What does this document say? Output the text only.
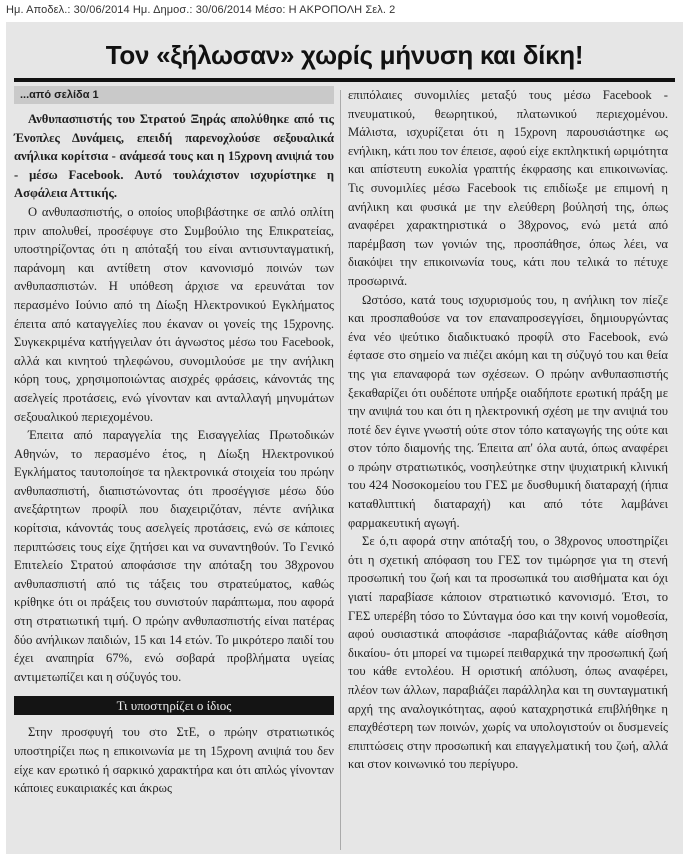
Ημ. Αποδελ.: 30/06/2014 Ημ. Δημοσ.: 30/06/2014 Μέσο: Η ΑΚΡΟΠΟΛΗ Σελ. 2
Τον «ξήλωσαν» χωρίς μήνυση και δίκη!
...από σελίδα 1

Ανθυπασπιστής του Στρατού Ξηράς απολύθηκε από τις Ένοπλες Δυνάμεις, επειδή παρενοχλούσε σεξουαλικά ανήλικα κορίτσια - ανάμεσά τους και η 15χρονη ανιψιά του - μέσω Facebook. Αυτό τουλάχιστον ισχυρίστηκε η Ασφάλεια Αττικής.

Ο ανθυπασπιστής, ο οποίος υποβιβάστηκε σε απλό οπλίτη πριν απολυθεί, προσέφυγε στο Συμβούλιο της Επικρατείας, υποστηρίζοντας ότι η απόταξή του είναι αντισυνταγματική, παράνομη και αντίθετη στον κανονισμό ποινών των ανθυπασπιστών. Η υπόθεση άρχισε να ερευνάται τον περασμένο Ιούνιο από τη Δίωξη Ηλεκτρονικού Εγκλήματος έπειτα από καταγγελίες που έκαναν οι γονείς της 15χρονης. Συγκεκριμένα κατήγγειλαν ότι άγνωστος μέσω του Facebook, αλλά και κινητού τηλεφώνου, συνομιλούσε με την ανήλικη κόρη τους, χρησιμοποιώντας αισχρές φράσεις, κάνοντάς της ασελγείς προτάσεις, ενώ γίνονταν και ανταλλαγή μηνυμάτων σεξουαλικού περιεχομένου.

Έπειτα από παραγγελία της Εισαγγελίας Πρωτοδικών Αθηνών, το περασμένο έτος, η Δίωξη Ηλεκτρονικού Εγκλήματος ταυτοποίησε τα ηλεκτρονικά στοιχεία του πρώην ανθυπασπιστή, διαπιστώνοντας ότι προσέγγισε μέσω δύο ανεξάρτητων προφίλ που διαχειριζόταν, πέντε ανήλικα κορίτσια, κάνοντάς τους ασελγείς προτάσεις, ενώ σε κάποιες περιπτώσεις τους είχε ζητήσει και να συναντηθούν. Το Γενικό Επιτελείο Στρατού αποφάσισε την απόταξη του 38χρονου ανθυπασπιστή από τις τάξεις του στρατεύματος, καθώς κρίθηκε ότι οι πράξεις του συνιστούν παράπτωμα, που αφορά στη στρατιωτική τιμή. Ο πρώην ανθυπασπιστής είναι πατέρας δύο ανήλικων παιδιών, 15 και 14 ετών. Το μικρότερο παιδί του έχει αναπηρία 67%, ενώ σοβαρά προβλήματα υγείας αντιμετωπίζει και η σύζυγός του.

Τι υποστηρίζει ο ίδιος

Στην προσφυγή του στο ΣτΕ, ο πρώην στρατιωτικός υποστηρίζει πως η επικοινωνία με τη 15χρονη ανιψιά του δεν είχε καν ερωτικό ή σαρκικό χαρακτήρα και ότι απλώς γίνονταν κάποιες ευκαιριακές και άκρως

επιπόλαιες συνομιλίες μεταξύ τους μέσω Facebook - πνευματικού, θεωρητικού, πλατωνικού περιεχομένου. Μάλιστα, ισχυρίζεται ότι η 15χρονη παρουσιάστηκε ως ενήλικη, κάτι που τον έπεισε, αφού είχε εκπληκτική ωριμότητα και απίστευτη ευκολία γραπτής έκφρασης και επικοινωνίας. Τις συνομιλίες μέσω Facebook τις επιδίωξε με επιμονή η ανήλικη και φυσικά με την ελεύθερη βούλησή της, όπως αναφέρει χαρακτηριστικά ο 38χρονος, ενώ μετά από παρέμβαση των γονιών της, προσπάθησε, όπως λέει, να διακόψει την επικοινωνία τους, κάτι που τελικά το πέτυχε προσωρινά.

Ωστόσο, κατά τους ισχυρισμούς του, η ανήλικη τον πίεζε και προσπαθούσε να τον επαναπροσεγγίσει, δημιουργώντας ένα νέο ψεύτικο διαδικτυακό προφίλ στο Facebook, ενώ έφτασε στο σημείο να πιέζει ακόμη και τη σύζυγό του και θεία της για επαναφορά των σχέσεων. Ο πρώην ανθυπασπιστής ξεκαθαρίζει ότι ουδέποτε υπήρξε οιαδήποτε ερωτική πράξη με την ανιψιά του και ότι η ηλεκτρονική σχέση με την ανιψιά του ποτέ δεν έγινε γνωστή ούτε στον τόπο καταγωγής της ούτε και στον τόπο διαμονής της. Έπειτα απ' όλα αυτά, όπως αναφέρει ο πρώην στρατιωτικός, νοσηλεύτηκε στην ψυχιατρική κλινική του 424 Νοσοκομείου του ΓΕΣ με δυσθυμική διαταραχή (ήπια καταθλιπτική διαταραχή) και από τότε λαμβάνει φαρμακευτική αγωγή.

Σε ό,τι αφορά στην απόταξή του, ο 38χρονος υποστηρίζει ότι η σχετική απόφαση του ΓΕΣ τον τιμώρησε για τη στενή προσωπική του ζωή και τα προσωπικά του αισθήματα και όχι γιατί παραβίασε κάποιον στρατιωτικό κανονισμό. Έτσι, το ΓΕΣ υπερέβη τόσο το Σύνταγμα όσο και την κοινή νομοθεσία, αφού ουσιαστικά αποφάσισε -παραβιάζοντας κάθε αίσθηση δικαίου- ότι μπορεί να τιμωρεί πειθαρχικά την προσωπική ζωή του κάθε εντολέου. Η οριστική απόλυση, όπως αναφέρει, πλέον των άλλων, παραβιάζει παράλληλα και τη συνταγματική αρχή της αναλογικότητας, αφού καταχρηστικά επιβλήθηκε η επαχθέστερη των ποινών, χωρίς να υπολογιστούν οι δυσμενείς επιπτώσεις στην προσωπική και επαγγελματική του ζωή, αλλά και στον κοινωνικό του περίγυρο.
